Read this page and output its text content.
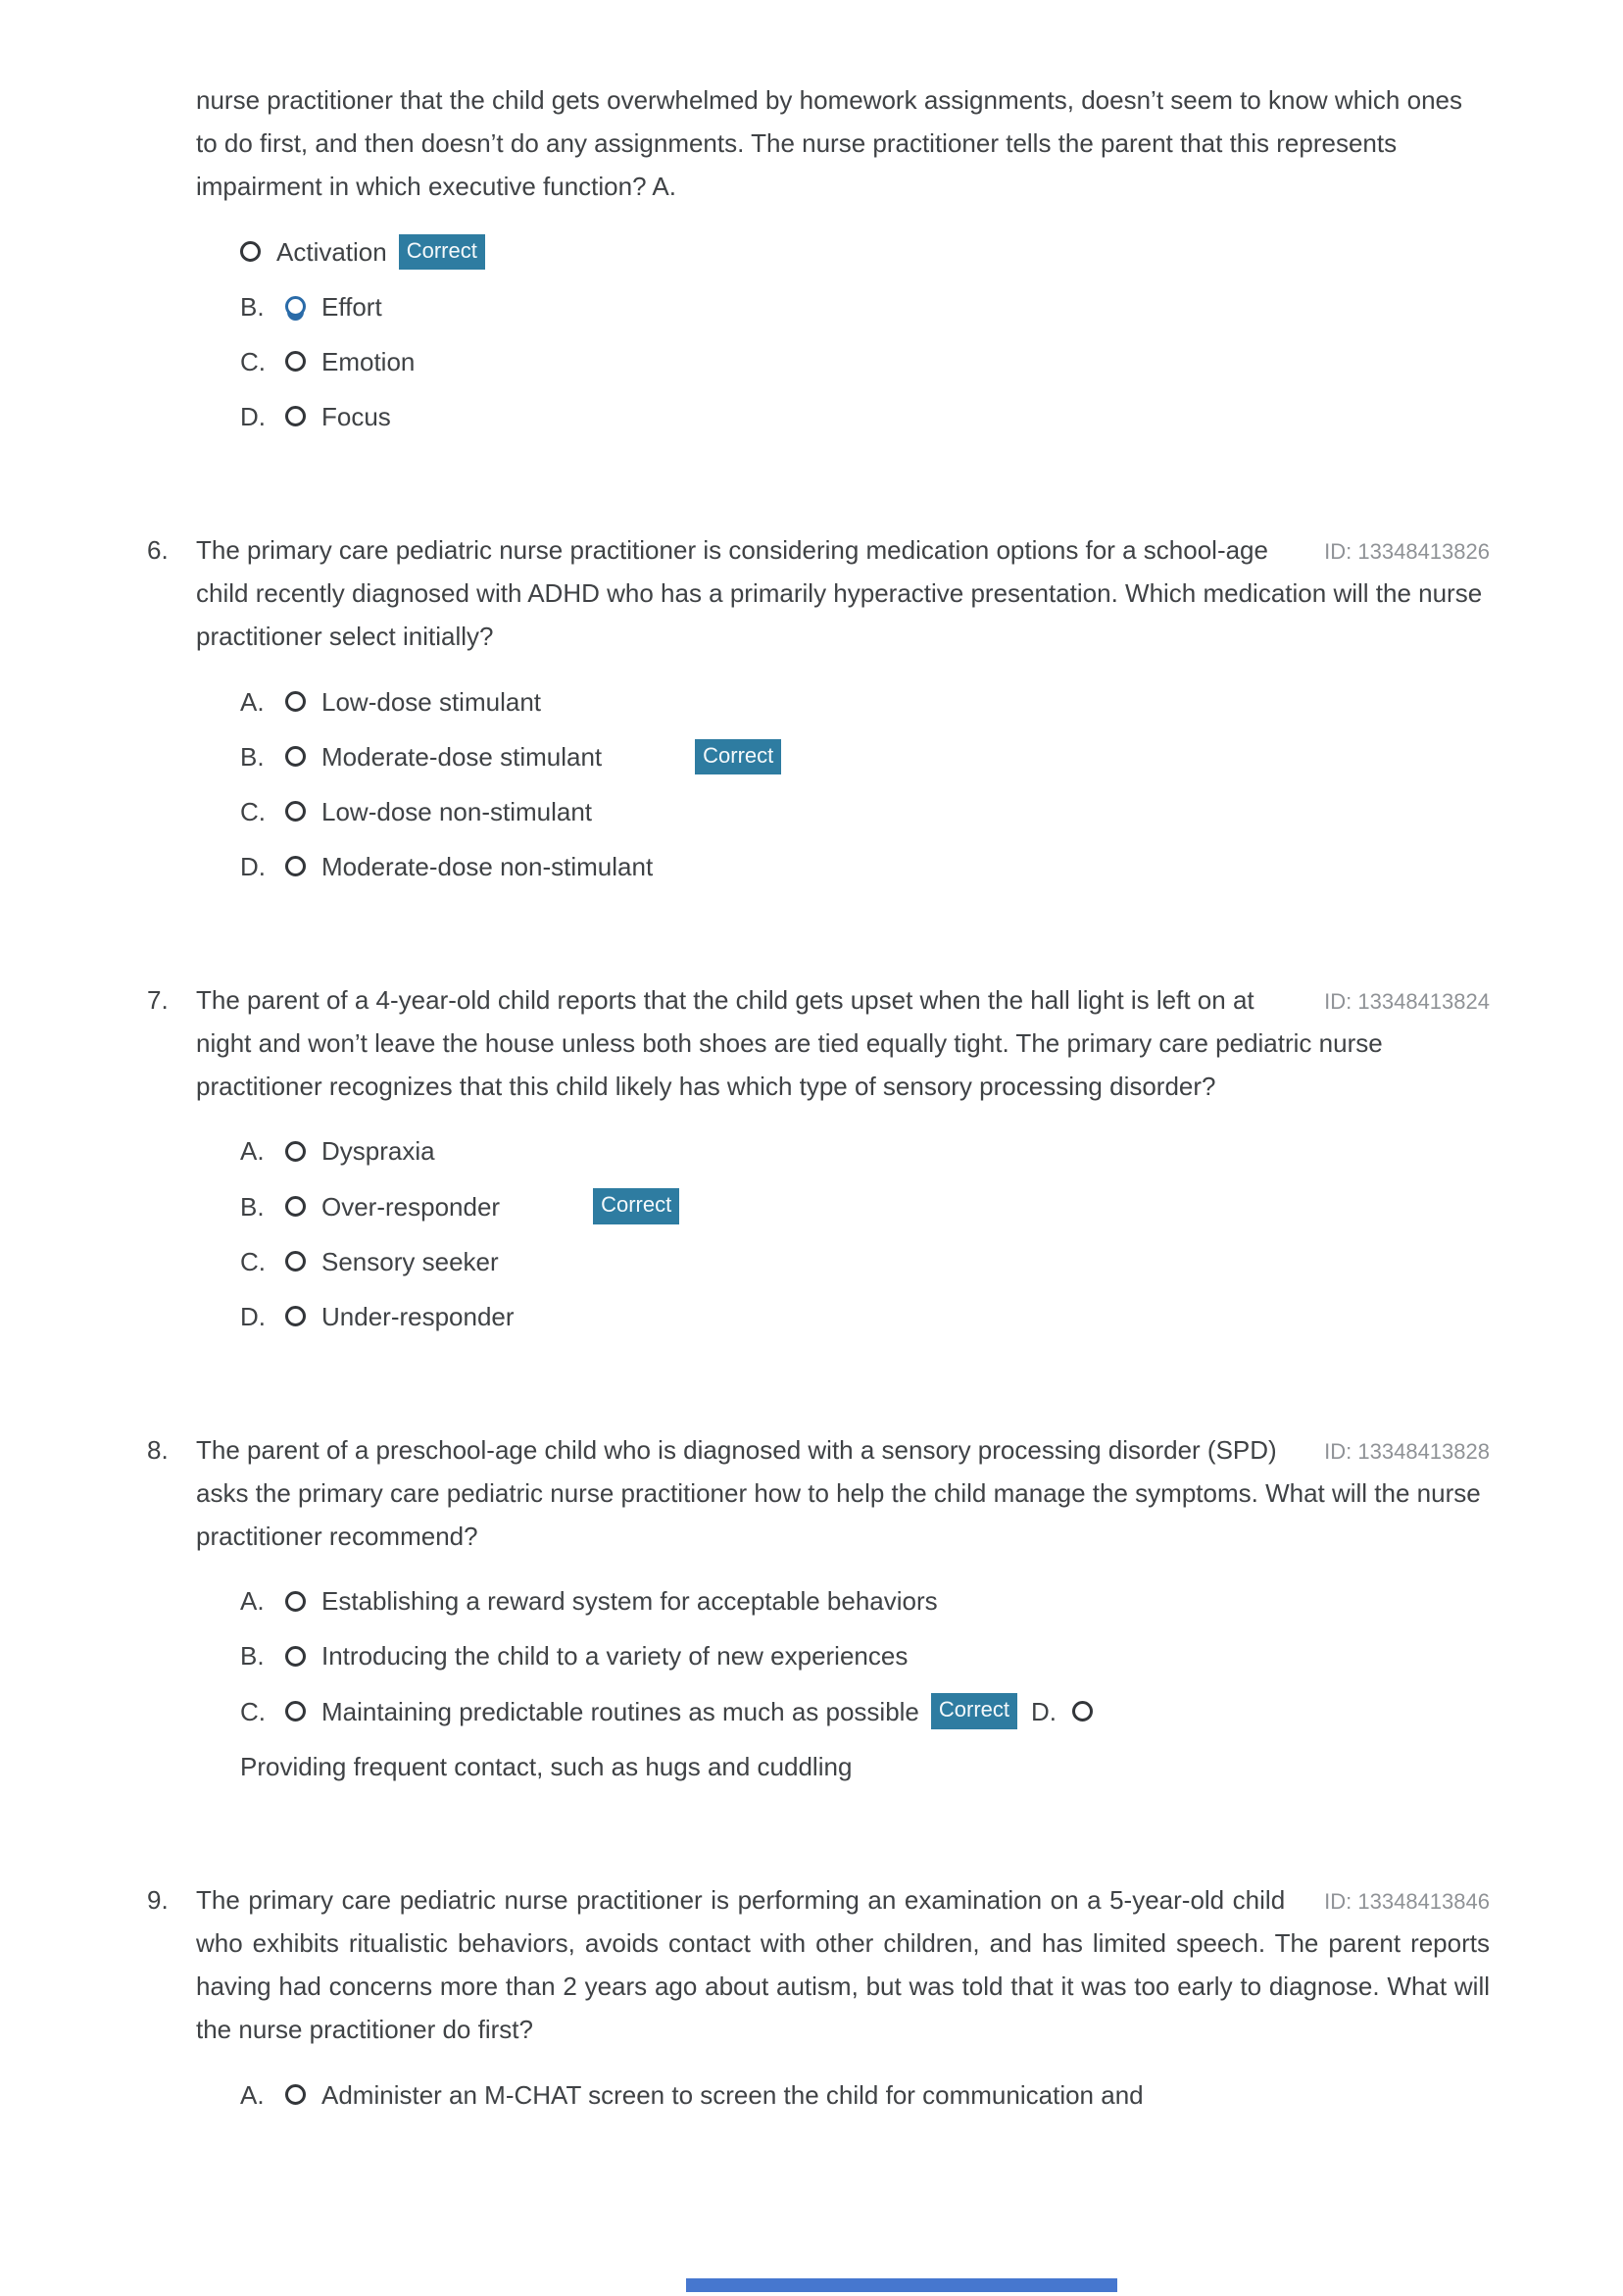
nurse practitioner that the child gets overwhelmed by homework assignments, doesn’t seem to know which ones to do first, and then doesn’t do any assignments. The nurse practitioner tells the parent that this represents impairment in which executive function? A.
Activation Correct
B.	Effort
C.	Emotion
D.	Focus
ID: 13348413826
6. The primary care pediatric nurse practitioner is considering medication options for a school-age child recently diagnosed with ADHD who has a primarily hyperactive presentation. Which medication will the nurse practitioner select initially?
A.	Low-dose stimulant
B.	Moderate-dose stimulant	Correct
C.	Low-dose non-stimulant
D.	Moderate-dose non-stimulant
ID: 13348413824
7. The parent of a 4-year-old child reports that the child gets upset when the hall light is left on at night and won’t leave the house unless both shoes are tied equally tight. The primary care pediatric nurse practitioner recognizes that this child likely has which type of sensory processing disorder?
A.	Dyspraxia
B.	Over-responder	Correct
C.	Sensory seeker
D.	Under-responder
ID: 13348413828
8. The parent of a preschool-age child who is diagnosed with a sensory processing disorder (SPD) asks the primary care pediatric nurse practitioner how to help the child manage the symptoms. What will the nurse practitioner recommend?
A.	Establishing a reward system for acceptable behaviors
B.	Introducing the child to a variety of new experiences
C.	Maintaining predictable routines as much as possible Correct D.
Providing frequent contact, such as hugs and cuddling
ID: 13348413846
9. The primary care pediatric nurse practitioner is performing an examination on a 5-year-old child who exhibits ritualistic behaviors, avoids contact with other children, and has limited speech. The parent reports having had concerns more than 2 years ago about autism, but was told that it was too early to diagnose. What will the nurse practitioner do first?
A.	Administer an M-CHAT screen to screen the child for communication and
